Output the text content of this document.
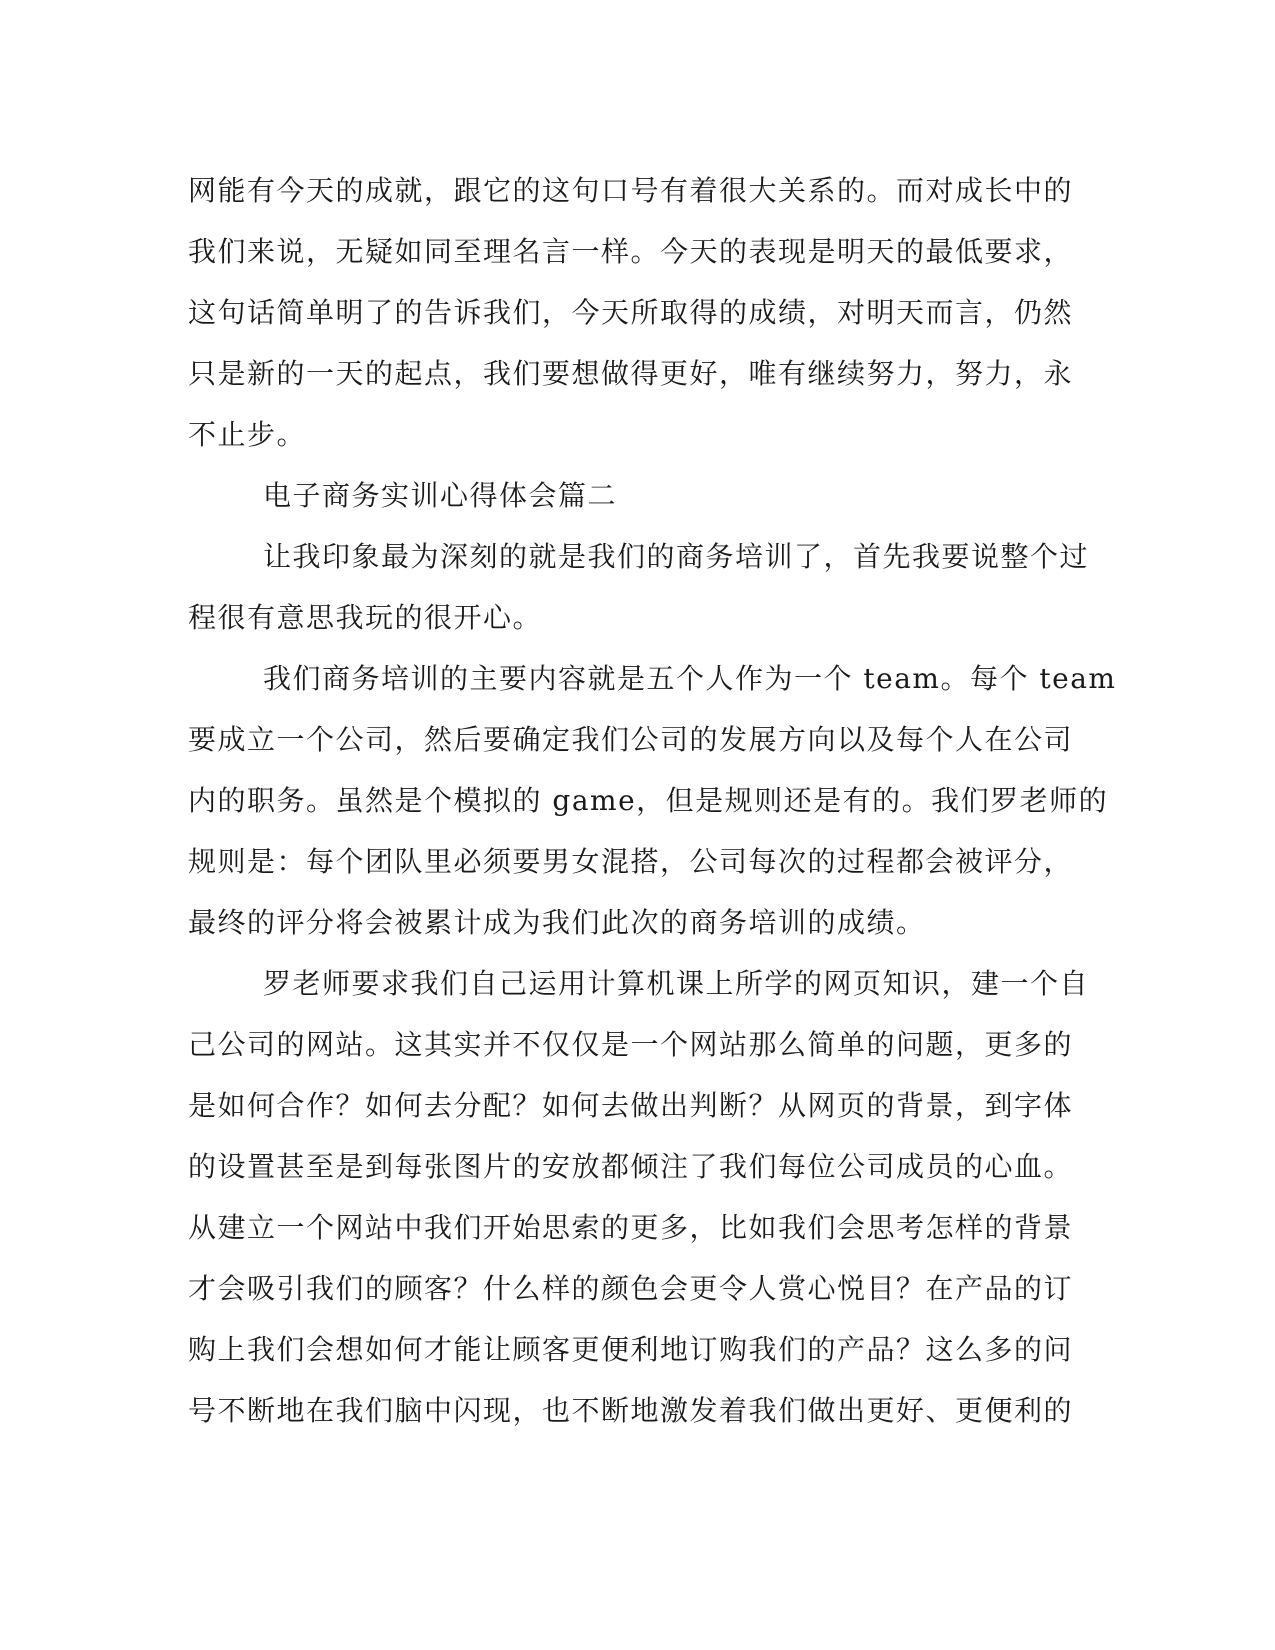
网能有今天的成就，跟它的这句口号有着很大关系的。而对成长中的
我们来说，无疑如同至理名言一样。今天的表现是明天的最低要求，
这句话简单明了的告诉我们，今天所取得的成绩，对明天而言，仍然
只是新的一天的起点，我们要想做得更好，唯有继续努力，努力，永
不止步。
电子商务实训心得体会篇二
让我印象最为深刻的就是我们的商务培训了，首先我要说整个过
程很有意思我玩的很开心。
我们商务培训的主要内容就是五个人作为一个 team。每个 team
要成立一个公司，然后要确定我们公司的发展方向以及每个人在公司
内的职务。虽然是个模拟的 game，但是规则还是有的。我们罗老师的
规则是：每个团队里必须要男女混搭，公司每次的过程都会被评分，
最终的评分将会被累计成为我们此次的商务培训的成绩。
罗老师要求我们自己运用计算机课上所学的网页知识，建一个自
己公司的网站。这其实并不仅仅是一个网站那么简单的问题，更多的
是如何合作？如何去分配？如何去做出判断？从网页的背景，到字体
的设置甚至是到每张图片的安放都倾注了我们每位公司成员的心血。
从建立一个网站中我们开始思索的更多，比如我们会思考怎样的背景
才会吸引我们的顾客？什么样的颜色会更令人赏心悦目？在产品的订
购上我们会想如何才能让顾客更便利地订购我们的产品？这么多的问
号不断地在我们脑中闪现，也不断地激发着我们做出更好、更便利的
